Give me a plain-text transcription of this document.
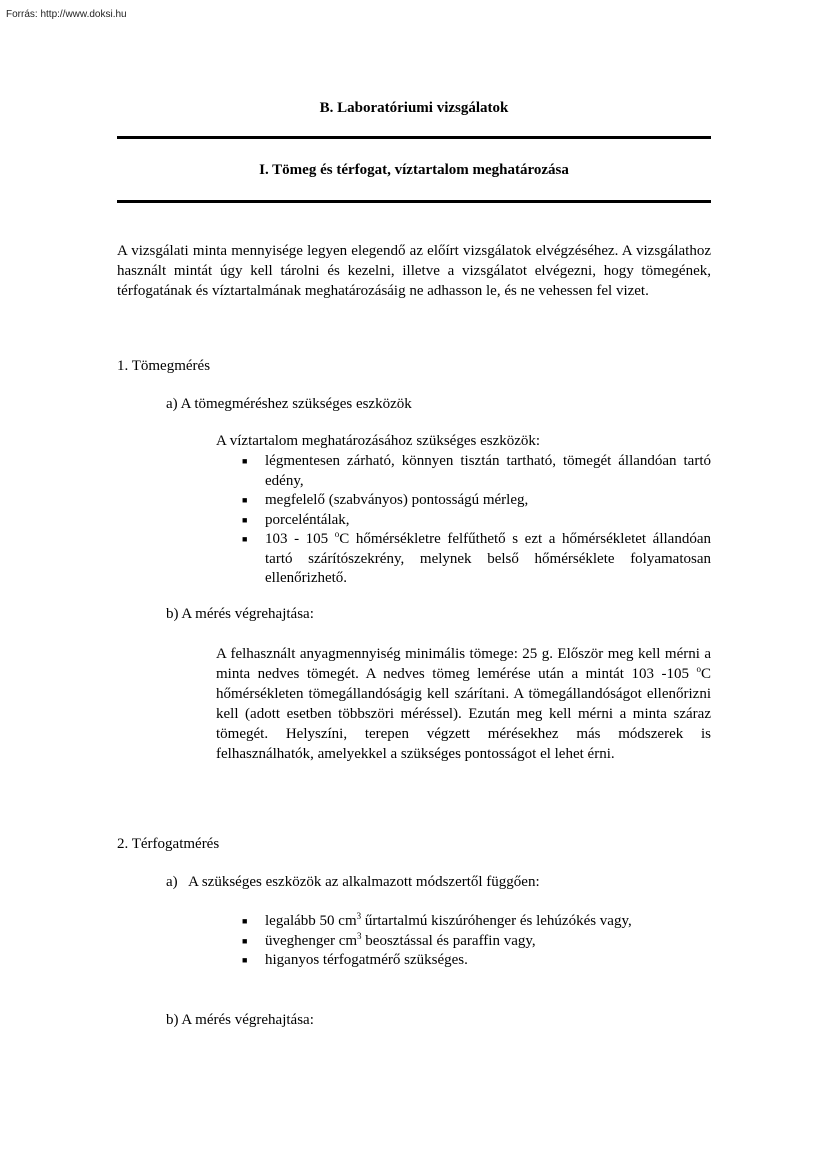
Forrás: http://www.doksi.hu
B. Laboratóriumi vizsgálatok
I. Tömeg és térfogat, víztartalom meghatározása
A vizsgálati minta mennyisége legyen elegendő az előírt vizsgálatok elvégzéséhez. A vizsgálathoz használt mintát úgy kell tárolni és kezelni, illetve a vizsgálatot elvégezni, hogy tömegének, térfogatának és víztartalmának meghatározásáig ne adhasson le, és ne vehessen fel vizet.
1. Tömegmérés
a) A tömegméréshez szükséges eszközök
A víztartalom meghatározásához szükséges eszközök:
■ légmentesen zárható, könnyen tisztán tartható, tömegét állandóan tartó edény,
■ megfelelő (szabványos) pontosságú mérleg,
■ porceléntálak,
■ 103 - 105 $^o$C hőmérsékletre felfűthető s ezt a hőmérsékletet állandóan tartó szárítószekrény, melynek belső hőmérséklete folyamatosan ellenőrizhető.
b) A mérés végrehajtása:
A felhasznált anyagmennyiség minimális tömege: 25 g. Először meg kell mérni a minta nedves tömegét. A nedves tömeg lemérése után a mintát 103 -105 $^o$C hőmérsékleten tömegállandóságig kell szárítani. A tömegállandóságot ellenőrizni kell (adott esetben többszöri méréssel). Ezután meg kell mérni a minta száraz tömegét. Helyszíni, terepen végzett mérésekhez más módszerek is felhasználhatók, amelyekkel a szükséges pontosságot el lehet érni.
2. Térfogatmérés
a)   A szükséges eszközök az alkalmazott módszertől függően:
■ legalább 50 $cm^3$ űrtartalmú kiszúróhenger és lehúzókés vagy,
■ üveghenger $cm^3$ beosztással és paraffin vagy,
■ higanyos térfogatmérő szükséges.
b) A mérés végrehajtása:
